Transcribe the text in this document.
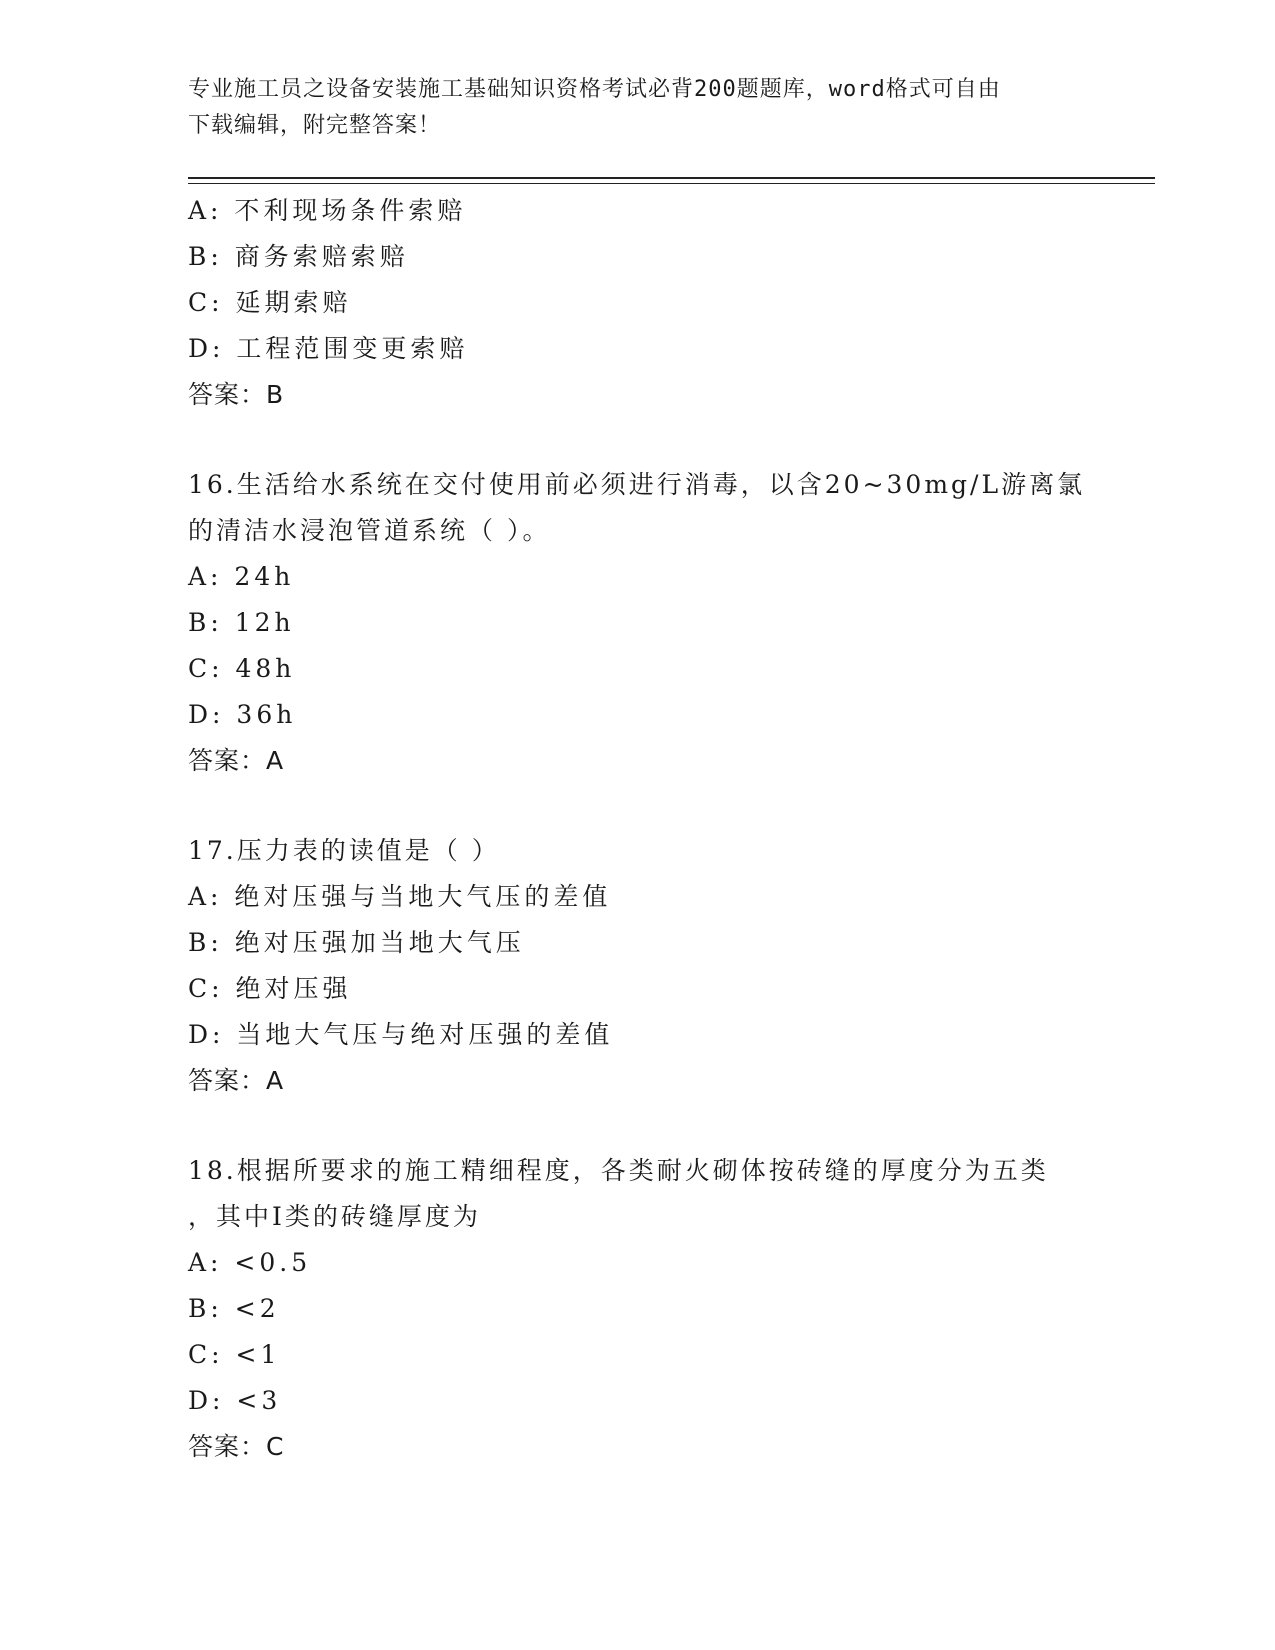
专业施工员之设备安装施工基础知识资格考试必背200题题库，word格式可自由
下载编辑，附完整答案！
A: 不利现场条件索赔
B: 商务索赔索赔
C: 延期索赔
D: 工程范围变更索赔
答案：B
16.生活给水系统在交付使用前必须进行消毒，以含20~30mg/L游离氯
的清洁水浸泡管道系统（ ）。
A: 24h
B: 12h
C: 48h
D: 36h
答案：A
17.压力表的读值是（ ）
A: 绝对压强与当地大气压的差值
B: 绝对压强加当地大气压
C: 绝对压强
D: 当地大气压与绝对压强的差值
答案：A
18.根据所要求的施工精细程度，各类耐火砌体按砖缝的厚度分为五类
，其中I类的砖缝厚度为
A: <0.5
B: <2
C: <1
D: <3
答案：C
